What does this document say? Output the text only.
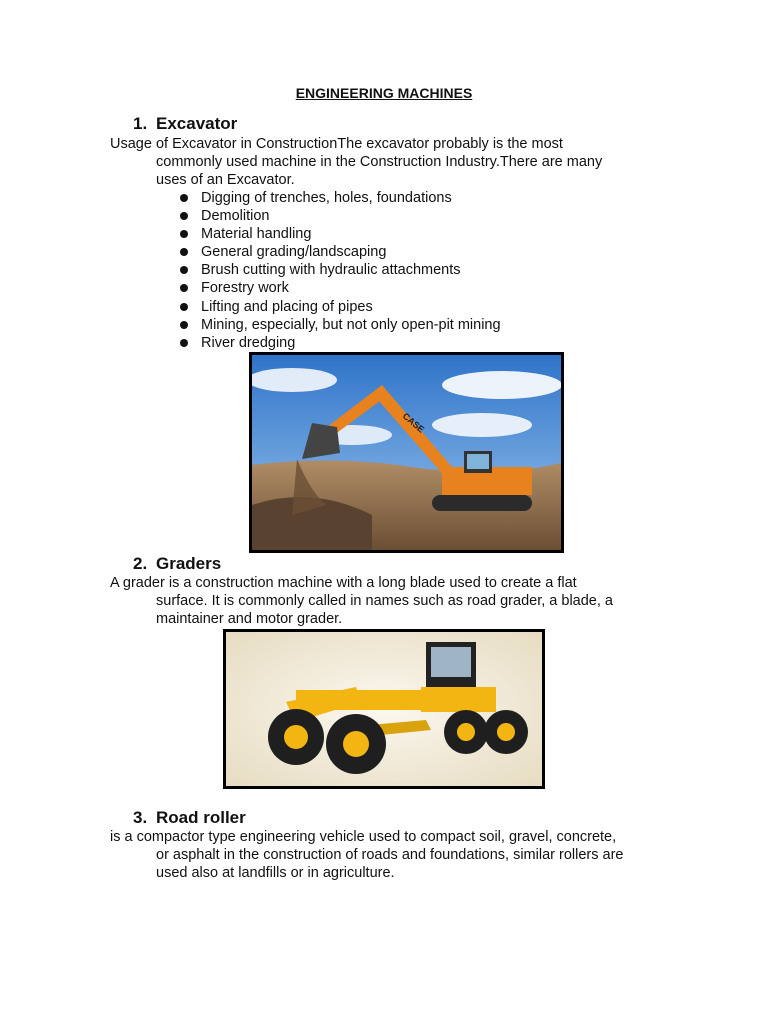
ENGINEERING MACHINES
1. Excavator
Usage of Excavator in ConstructionThe excavator probably is the most
commonly used machine in the Construction Industry.There are many
uses of an Excavator.
Digging of trenches, holes, foundations
Demolition
Material handling
General grading/landscaping
Brush cutting with hydraulic attachments
Forestry work
Lifting and placing of pipes
Mining, especially, but not only open-pit mining
River dredging
CASE
2. Graders
A grader is a construction machine with a long blade used to create a flat
surface. It is commonly called in names such as road grader, a blade, a
maintainer and motor grader.
3. Road roller
is a compactor type engineering vehicle used to compact soil, gravel, concrete,
or asphalt in the construction of roads and foundations, similar rollers are
used also at landfills or in agriculture.
